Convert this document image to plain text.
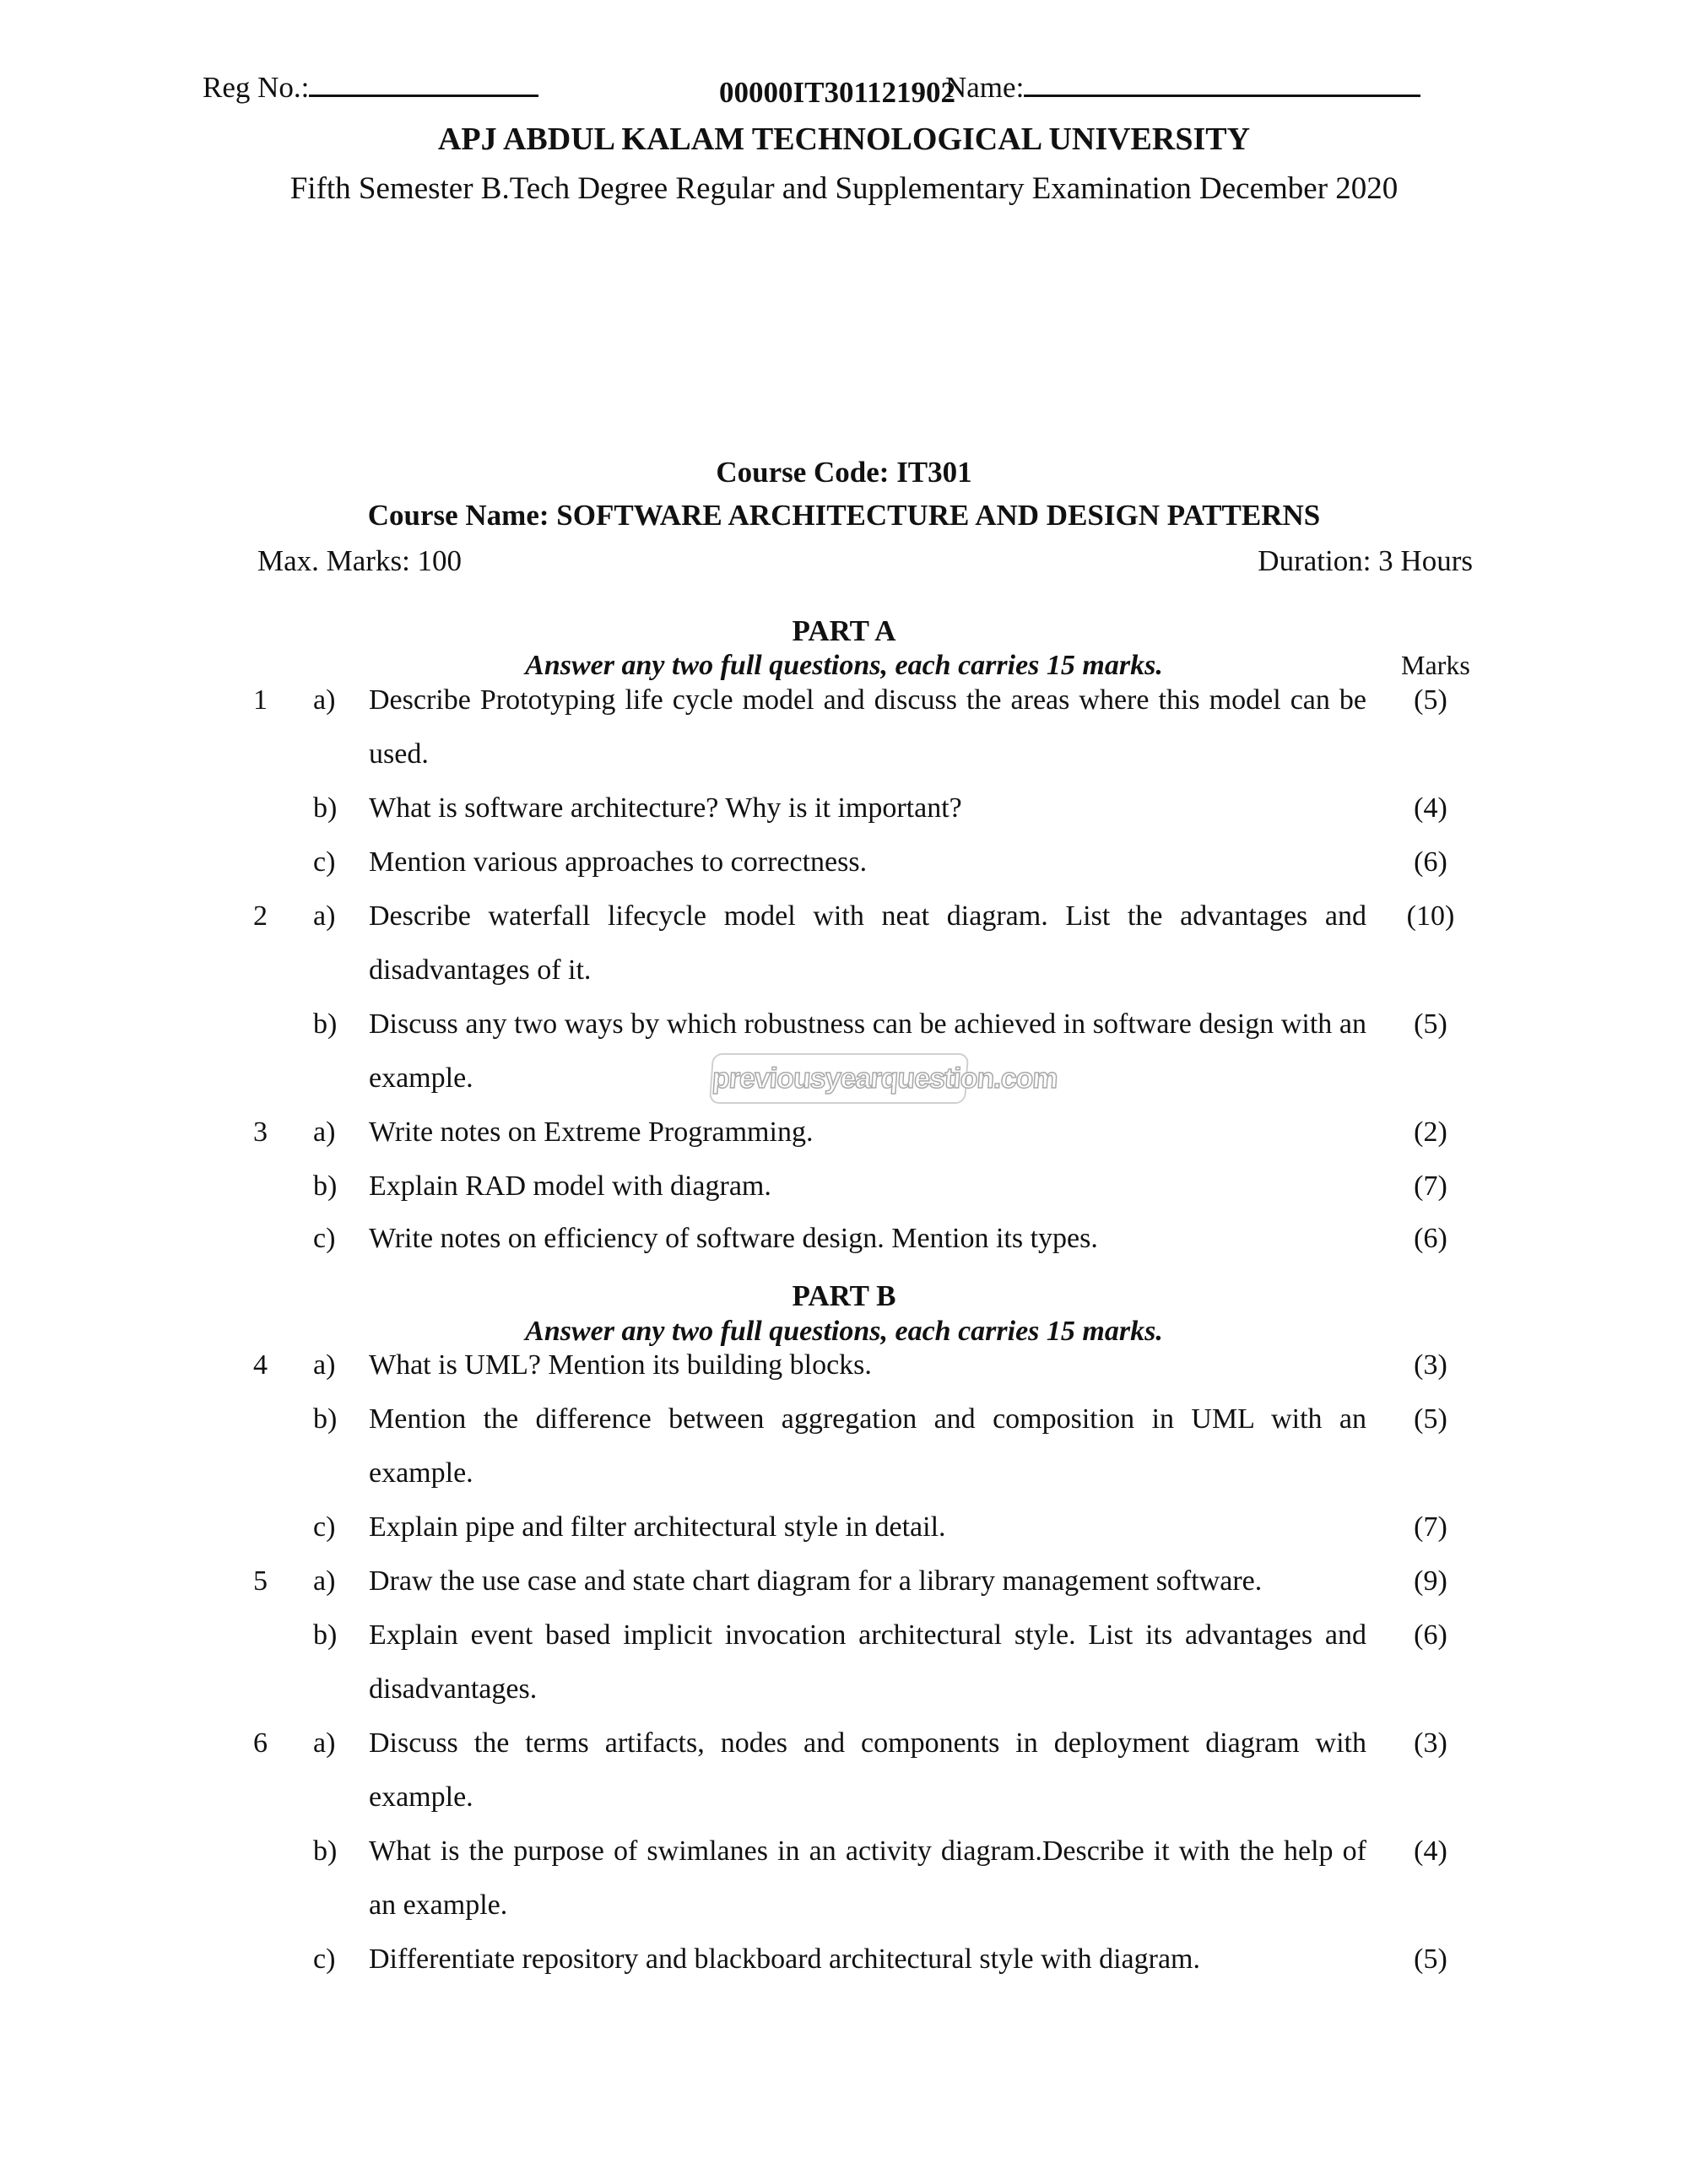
Reg No.:	00000IT301121902
Name:
APJ ABDUL KALAM TECHNOLOGICAL UNIVERSITY
Fifth Semester B.Tech Degree Regular and Supplementary Examination December 2020
Course Code: IT301
Course Name: SOFTWARE ARCHITECTURE AND DESIGN PATTERNS
Max. Marks: 100	Duration: 3 Hours
PART A
Answer any two full questions, each carries 15 marks.	Marks
1 a) Describe Prototyping life cycle model and discuss the areas where this model can be used.
(5)
b) What is software architecture? Why is it important?	(4)
c) Mention various approaches to correctness.	(6)
2 a) Describe waterfall lifecycle model with neat diagram. List the advantages and disadvantages of it.
(10)
b) Discuss any two ways by which robustness can be achieved in software design with an example.
(5)
3 a) Write notes on Extreme Programming.	(2)
b) Explain RAD model with diagram.	(7)
c) Write notes on efficiency of software design. Mention its types.	(6)
PART B
Answer any two full questions, each carries 15 marks.
4 a) What is UML? Mention its building blocks.	(3)
b) Mention the difference between aggregation and composition in UML with an example.
(5)
c) Explain pipe and filter architectural style in detail.	(7)
5 a) Draw the use case and state chart diagram for a library management software.	(9)
b) Explain event based implicit invocation architectural style. List its advantages and disadvantages.
(6)
6 a) Discuss the terms artifacts, nodes and components in deployment diagram with example.
(3)
b) What is the purpose of swimlanes in an activity diagram.Describe it with the help of an example.
(4)
c) Differentiate repository and blackboard architectural style with diagram.	(5)
previousyearquestion.com
